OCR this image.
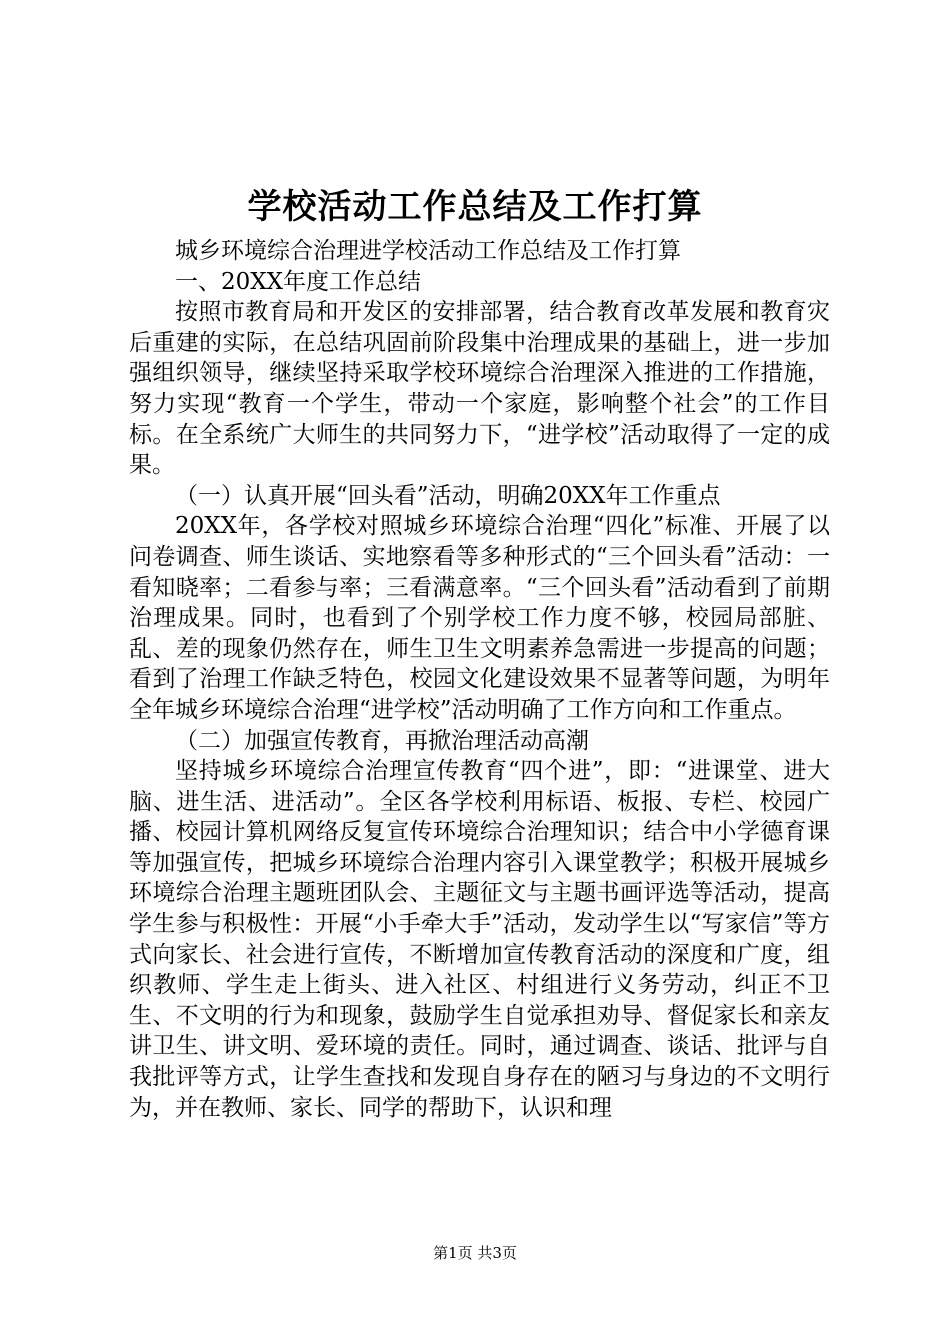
学校活动工作总结及工作打算

城乡环境综合治理进学校活动工作总结及工作打算

一、20XX年度工作总结

按照市教育局和开发区的安排部署，结合教育改革发展和教育灾后重建的实际，在总结巩固前阶段集中治理成果的基础上，进一步加强组织领导，继续坚持采取学校环境综合治理深入推进的工作措施，努力实现“教育一个学生，带动一个家庭，影响整个社会”的工作目标。在全系统广大师生的共同努力下，“进学校”活动取得了一定的成果。

（一）认真开展“回头看”活动，明确20XX年工作重点

20XX年，各学校对照城乡环境综合治理“四化”标准、开展了以问卷调查、师生谈话、实地察看等多种形式的“三个回头看”活动：一看知晓率；二看参与率；三看满意率。“三个回头看”活动看到了前期治理成果。同时，也看到了个别学校工作力度不够，校园局部脏、乱、差的现象仍然存在，师生卫生文明素养急需进一步提高的问题；看到了治理工作缺乏特色，校园文化建设效果不显著等问题，为明年全年城乡环境综合治理“进学校”活动明确了工作方向和工作重点。

（二）加强宣传教育，再掀治理活动高潮

坚持城乡环境综合治理宣传教育“四个进”，即：“进课堂、进大脑、进生活、进活动”。全区各学校利用标语、板报、专栏、校园广播、校园计算机网络反复宣传环境综合治理知识；结合中小学德育课等加强宣传，把城乡环境综合治理内容引入课堂教学；积极开展城乡环境综合治理主题班团队会、主题征文与主题书画评选等活动，提高学生参与积极性：开展“小手牵大手”活动，发动学生以“写家信”等方式向家长、社会进行宣传，不断增加宣传教育活动的深度和广度，组织教师、学生走上街头、进入社区、村组进行义务劳动，纠正不卫生、不文明的行为和现象，鼓励学生自觉承担劝导、督促家长和亲友讲卫生、讲文明、爱环境的责任。同时，通过调查、谈话、批评与自我批评等方式，让学生查找和发现自身存在的陋习与身边的不文明行为，并在教师、家长、同学的帮助下，认识和理

第1页 共3页
